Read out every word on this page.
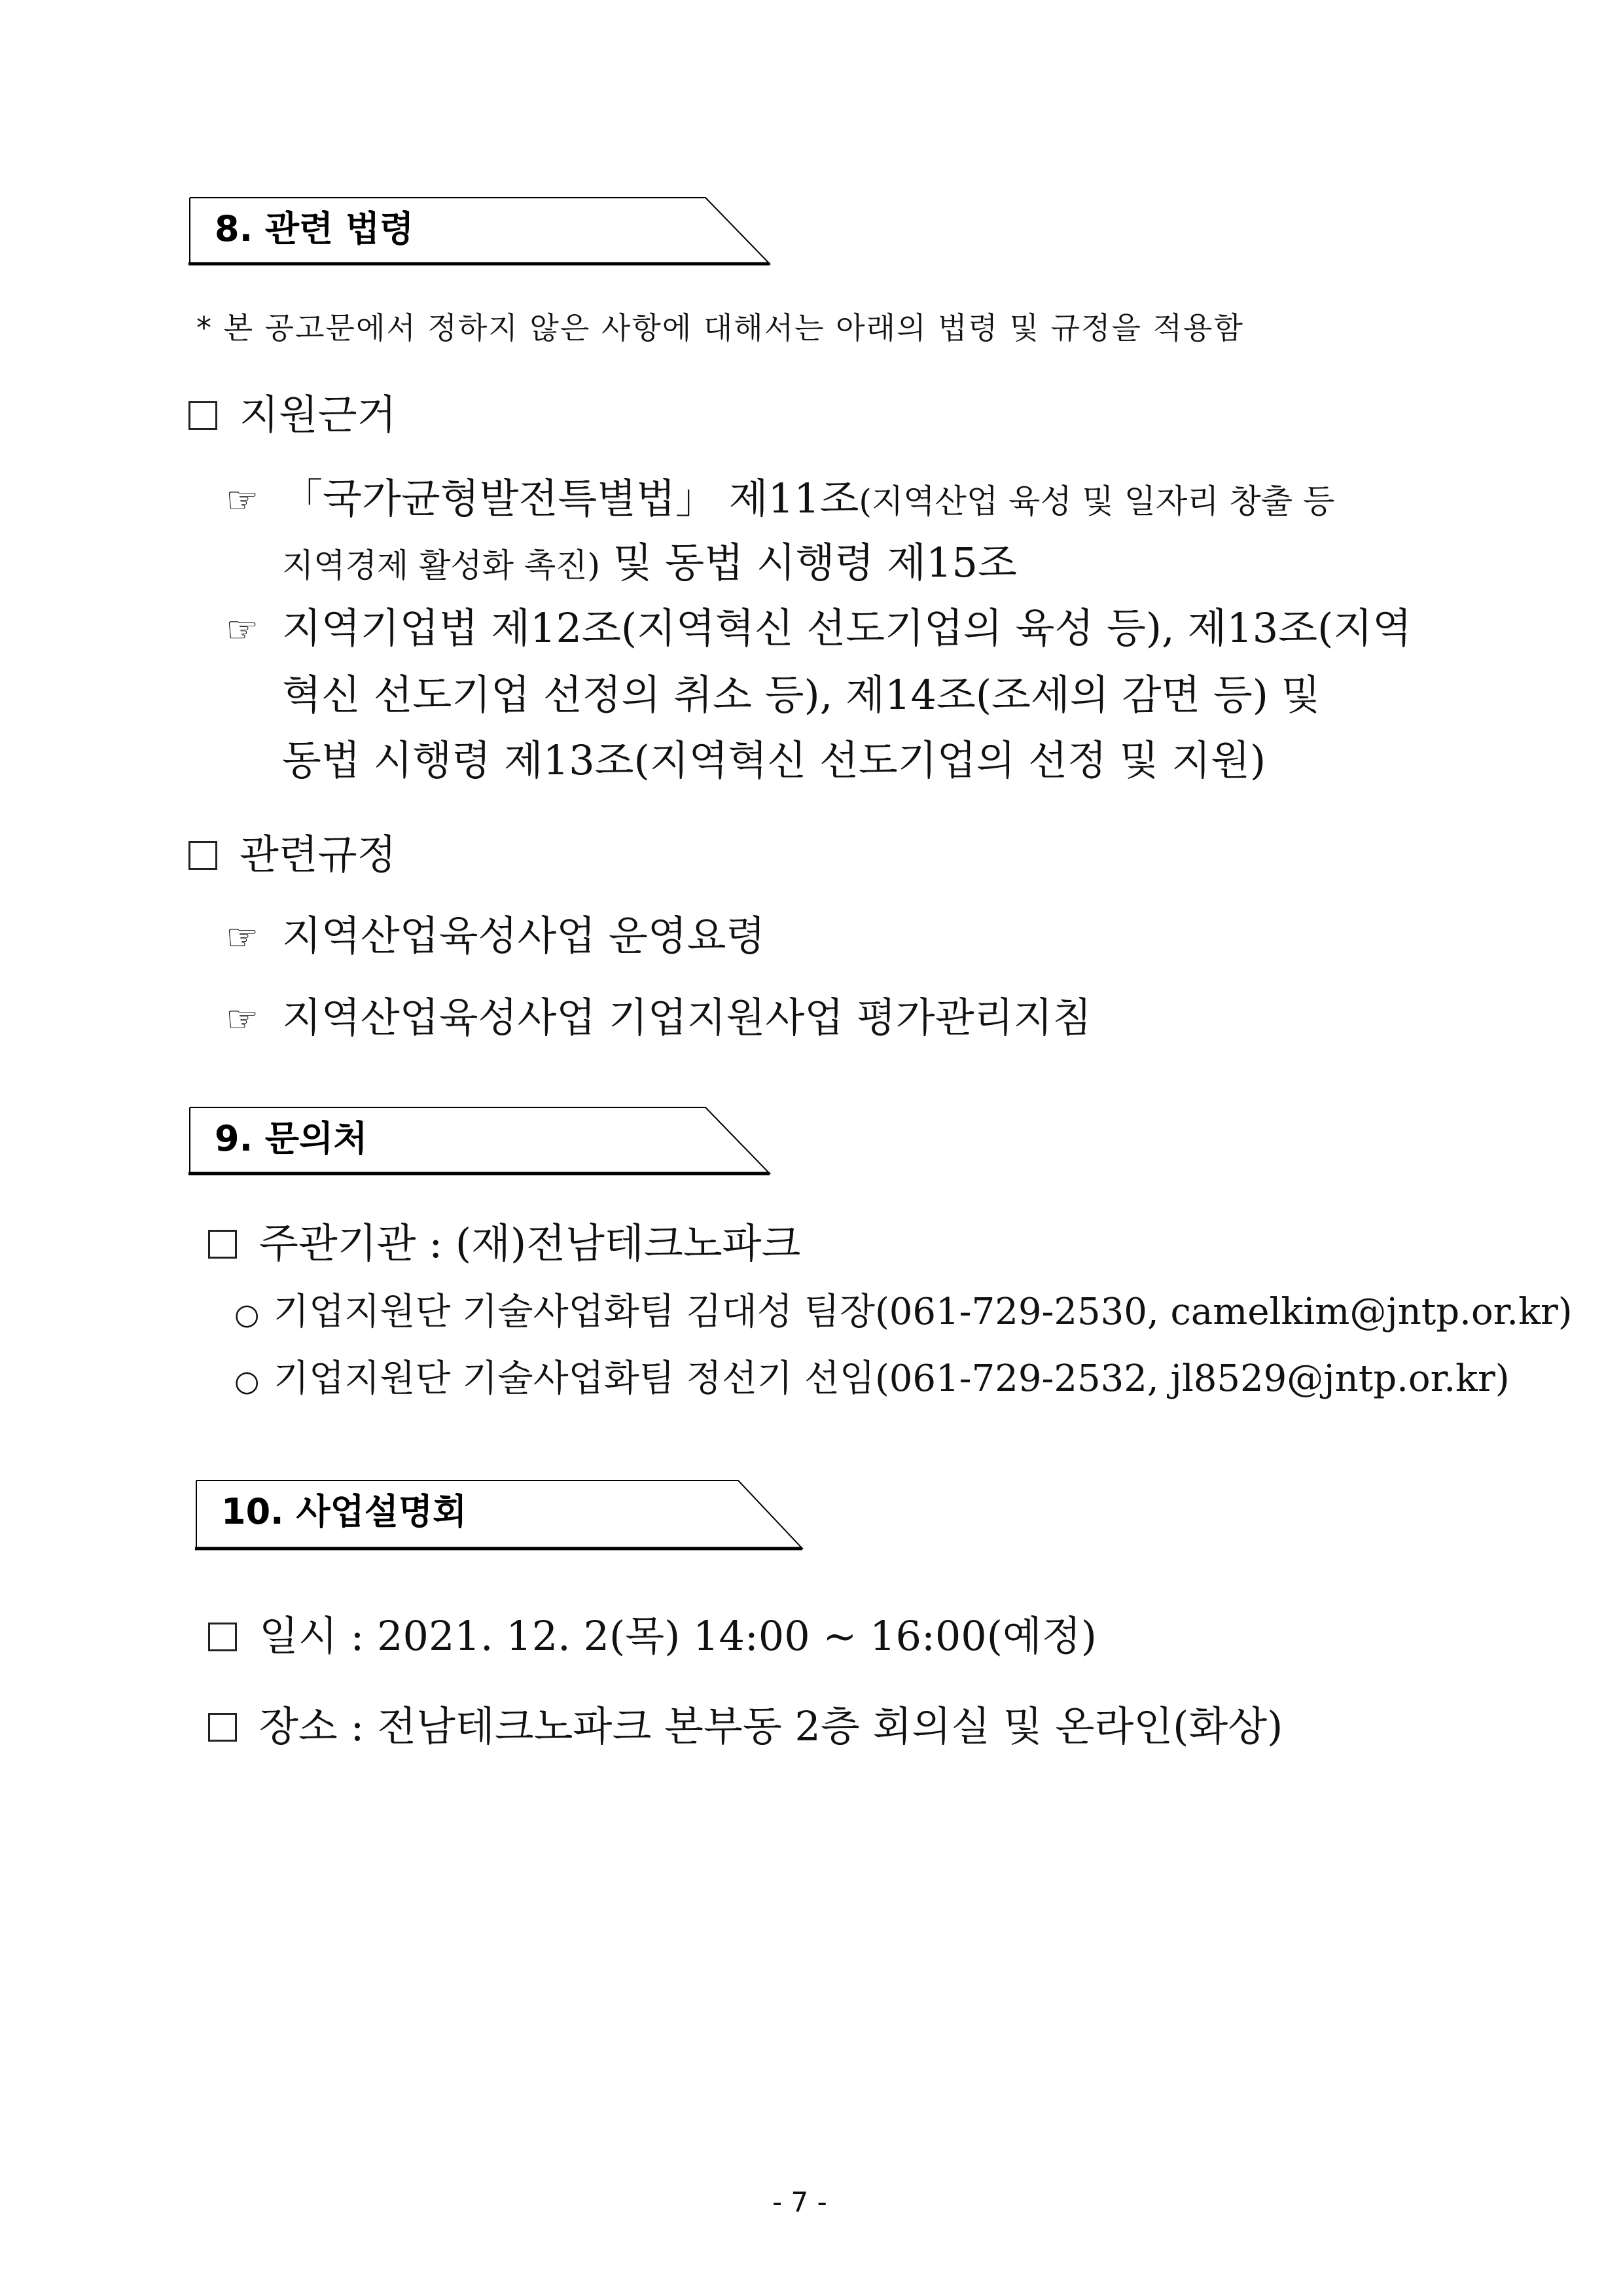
8. 관련 법령
* 본 공고문에서 정하지 않은 사항에 대해서는 아래의 법령 및 규정을 적용함
지원근거
☞ 「국가균형발전특별법」 제11조(지역산업 육성 및 일자리 창출 등
지역경제 활성화 촉진) 및 동법 시행령 제15조
☞ 지역기업법 제12조(지역혁신 선도기업의 육성 등), 제13조(지역
혁신 선도기업 선정의 취소 등), 제14조(조세의 감면 등) 및
동법 시행령 제13조(지역혁신 선도기업의 선정 및 지원)
관련규정
☞ 지역산업육성사업 운영요령
☞ 지역산업육성사업 기업지원사업 평가관리지침
9. 문의처
주관기관 : (재)전남테크노파크
○ 기업지원단 기술사업화팀 김대성 팀장(061-729-2530, camelkim@jntp.or.kr)
○ 기업지원단 기술사업화팀 정선기 선임(061-729-2532, jl8529@jntp.or.kr)
10. 사업설명회
일시 : 2021. 12. 2(목) 14:00 ~ 16:00(예정)
장소 : 전남테크노파크 본부동 2층 회의실 및 온라인(화상)
- 7 -
